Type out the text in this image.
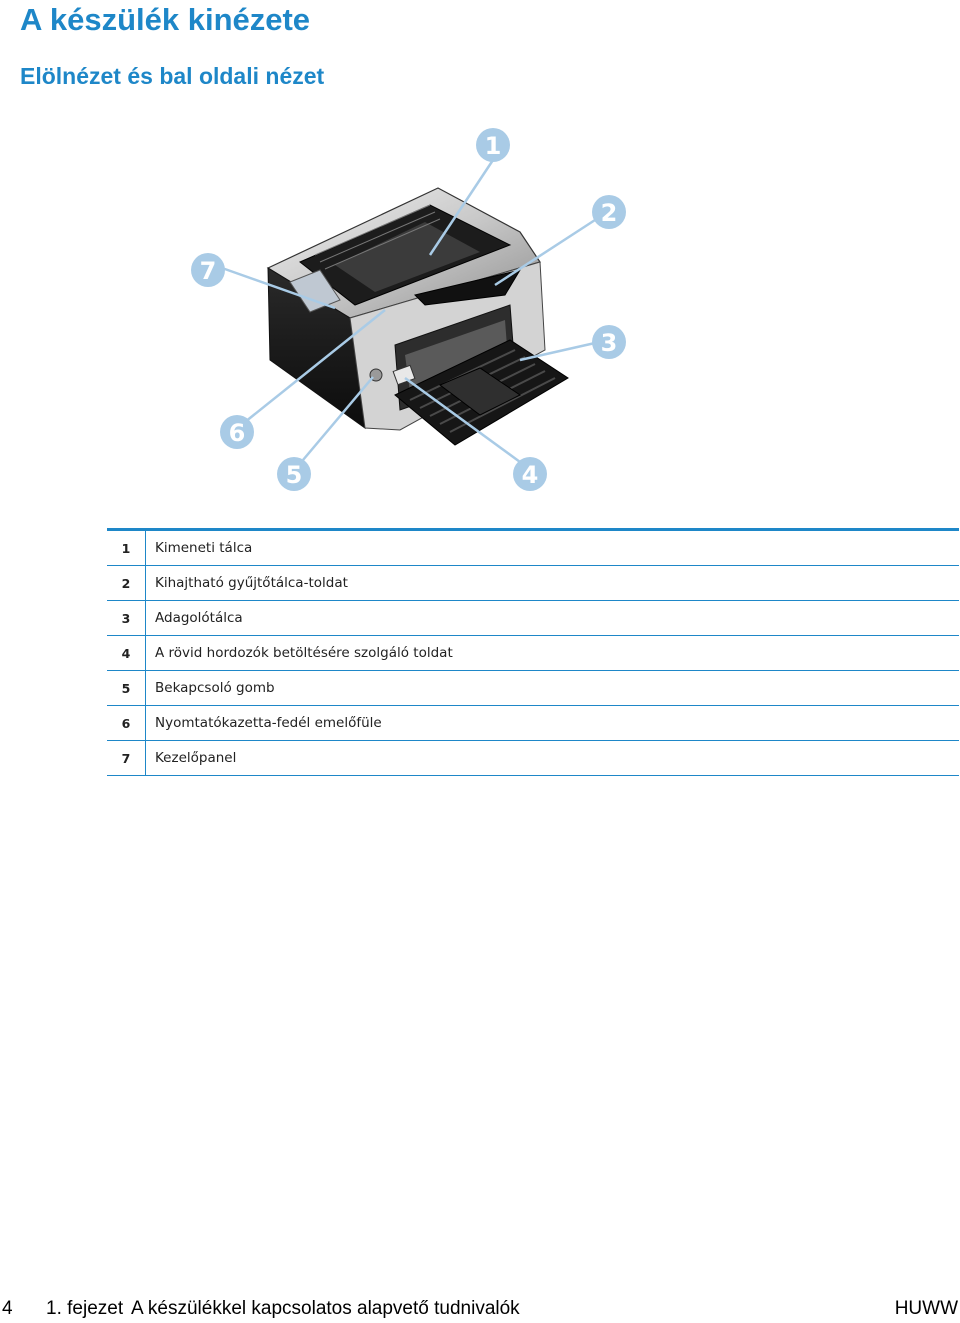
A készülék kinézete
Elölnézet és bal oldali nézet
1
2
3
4
5
6
7
1	Kimeneti tálca
2	Kihajtható gyűjtőtálca-toldat
3	Adagolótálca
4	A rövid hordozók betöltésére szolgáló toldat
5	Bekapcsoló gomb
6	Nyomtatókazetta-fedél emelőfüle
7	Kezelőpanel
4 1. fejezet A készülékkel kapcsolatos alapvető tudnivalók	HUWW
